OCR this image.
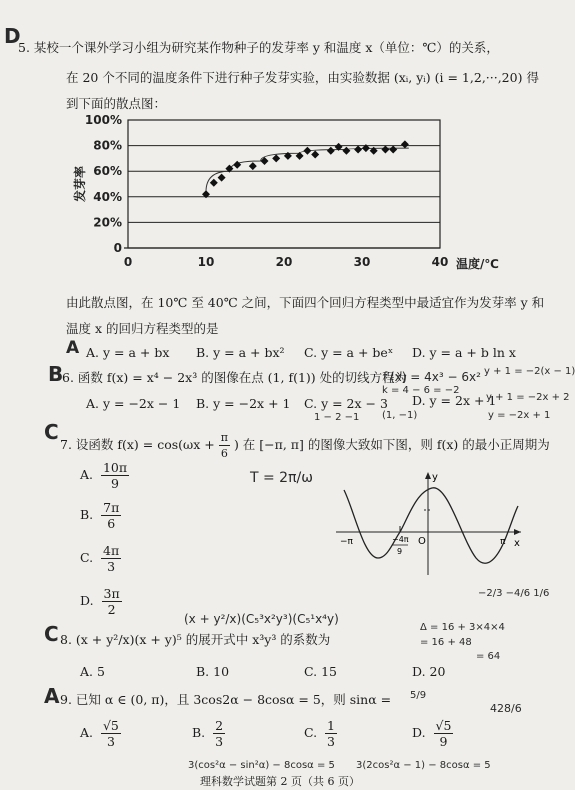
D
5. 某校一个课外学习小组为研究某作物种子的发芽率 y 和温度 x（单位：℃）的关系，
在 20 个不同的温度条件下进行种子发芽实验，由实验数据 (xᵢ, yᵢ) (i = 1,2,···,20) 得
到下面的散点图：
0
20%
40%
60%
80%
100%
0	10	20	30	40 温度/℃
发芽率
由此散点图，在 10℃ 至 40℃ 之间，下面四个回归方程类型中最适宜作为发芽率 y 和
温度 x 的回归方程类型的是
A A. y = a + bx B. y = a + bx² C. y = a + beˣ D. y = a + b ln x
B
6. 函数 f(x) = x⁴ − 2x³ 的图像在点 (1, f(1)) 处的切线方程为
A. y = −2x − 1 B. y = −2x + 1 C. y = 2x − 3 D. y = 2x + 1
f′(x) = 4x³ − 6x² y + 1 = −2(x − 1)
k = 4 − 6 = −2
y + 1 = −2x + 2
(1, −1)	y = −2x + 1
1 − 2 −1
C
7. 设函数 $f(x) = \cos(\omega x + \frac{\pi}{6}$ ) 在 [−π, π] 的图像大致如下图，则 f(x) 的最小正周期为
A. $\frac{10\pi}{9}$
B. $\frac{7\pi}{6}$
C. $\frac{4\pi}{3}$
D. $\frac{3\pi}{2}$
T = 2π/ω	y
x
O
−π	π
−4π
9
C
(x + y²/x)(C₅³x²y³)(C₅¹x⁴y)
8. (x + y²/x)(x + y)⁵ 的展开式中 x³y³ 的系数为
A. 5	B. 10	C. 15	D. 20
Δ = 16 + 3×4×4
= 16 + 48
= 64
−2/3 −4/6 1/6
A 9. 已知 α ∈ (0, π)，且 3cos2α − 8cosα = 5，则 sinα = 5/9
428/6
A. $\frac{√5}{3}$	B. $\frac{2}{3}$	C. $\frac{1}{3}$	D. $\frac{√5}{9}$
3(cos²α − sin²α) − 8cosα = 5 3(2cos²α − 1) − 8cosα = 5
理科数学试题第 2 页（共 6 页）
